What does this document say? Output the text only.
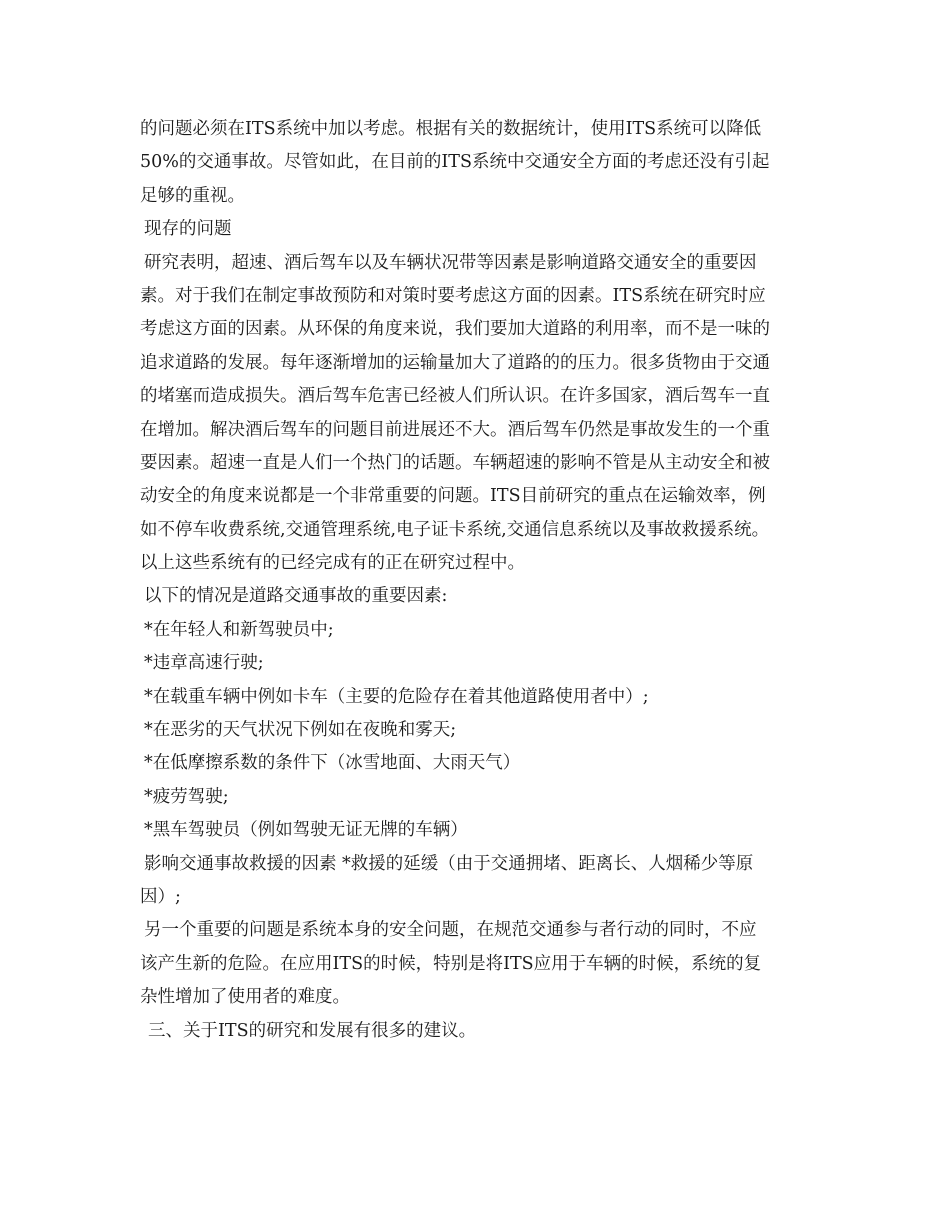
的问题必须在ITS系统中加以考虑。根据有关的数据统计，使用ITS系统可以降低
50%的交通事故。尽管如此，在目前的ITS系统中交通安全方面的考虑还没有引起
足够的重视。
现存的问题
研究表明，超速、酒后驾车以及车辆状况带等因素是影响道路交通安全的重要因
素。对于我们在制定事故预防和对策时要考虑这方面的因素。ITS系统在研究时应
考虑这方面的因素。从环保的角度来说，我们要加大道路的利用率，而不是一味的
追求道路的发展。每年逐渐增加的运输量加大了道路的的压力。很多货物由于交通
的堵塞而造成损失。酒后驾车危害已经被人们所认识。在许多国家，酒后驾车一直
在增加。解决酒后驾车的问题目前进展还不大。酒后驾车仍然是事故发生的一个重
要因素。超速一直是人们一个热门的话题。车辆超速的影响不管是从主动安全和被
动安全的角度来说都是一个非常重要的问题。ITS目前研究的重点在运输效率，例
如不停车收费系统,交通管理系统,电子证卡系统,交通信息系统以及事故救援系统。
以上这些系统有的已经完成有的正在研究过程中。
以下的情况是道路交通事故的重要因素:
*在年轻人和新驾驶员中;
*违章高速行驶;
*在载重车辆中例如卡车（主要的危险存在着其他道路使用者中）;
*在恶劣的天气状况下例如在夜晚和雾天;
*在低摩擦系数的条件下（冰雪地面、大雨天气）
*疲劳驾驶;
*黑车驾驶员（例如驾驶无证无牌的车辆）
影响交通事故救援的因素 *救援的延缓（由于交通拥堵、距离长、人烟稀少等原
因）;
另一个重要的问题是系统本身的安全问题，在规范交通参与者行动的同时，不应
该产生新的危险。在应用ITS的时候，特别是将ITS应用于车辆的时候，系统的复
杂性增加了使用者的难度。
三、关于ITS的研究和发展有很多的建议。
